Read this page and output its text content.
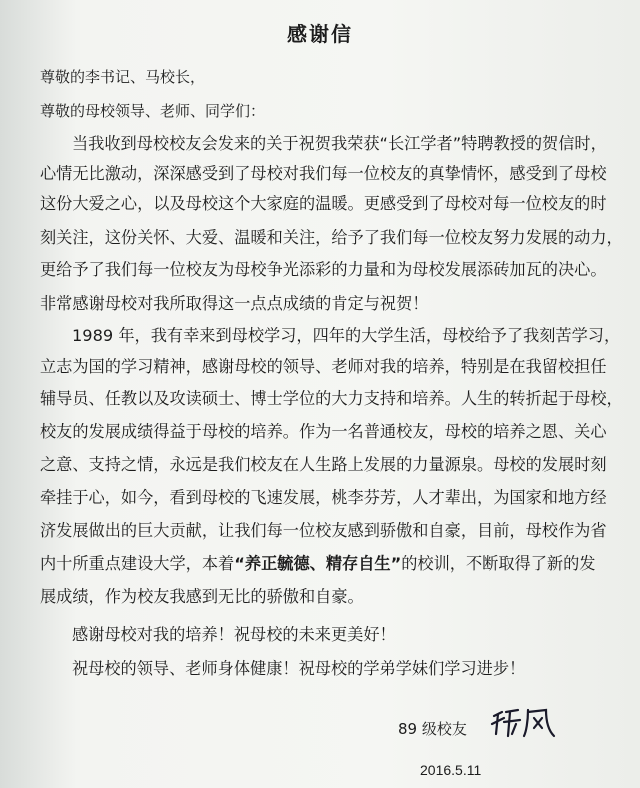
感谢信
尊敬的李书记、马校长，
尊敬的母校领导、老师、同学们：
当我收到母校校友会发来的关于祝贺我荣获“长江学者”特聘教授的贺信时，
心情无比激动，深深感受到了母校对我们每一位校友的真挚情怀，感受到了母校
这份大爱之心，以及母校这个大家庭的温暖。更感受到了母校对每一位校友的时
刻关注，这份关怀、大爱、温暖和关注，给予了我们每一位校友努力发展的动力，
更给予了我们每一位校友为母校争光添彩的力量和为母校发展添砖加瓦的决心。
非常感谢母校对我所取得这一点点成绩的肯定与祝贺！
1989 年，我有幸来到母校学习，四年的大学生活，母校给予了我刻苦学习，
立志为国的学习精神，感谢母校的领导、老师对我的培养，特别是在我留校担任
辅导员、任教以及攻读硕士、博士学位的大力支持和培养。人生的转折起于母校，
校友的发展成绩得益于母校的培养。作为一名普通校友，母校的培养之恩、关心
之意、支持之情，永远是我们校友在人生路上发展的力量源泉。母校的发展时刻
牵挂于心，如今，看到母校的飞速发展，桃李芬芳，人才辈出，为国家和地方经
济发展做出的巨大贡献，让我们每一位校友感到骄傲和自豪，目前，母校作为省
内十所重点建设大学，本着“养正毓德、精存自生”的校训，不断取得了新的发
展成绩，作为校友我感到无比的骄傲和自豪。
感谢母校对我的培养！祝母校的未来更美好！
祝母校的领导、老师身体健康！祝母校的学弟学妹们学习进步！
89 级校友
2016.5.11
